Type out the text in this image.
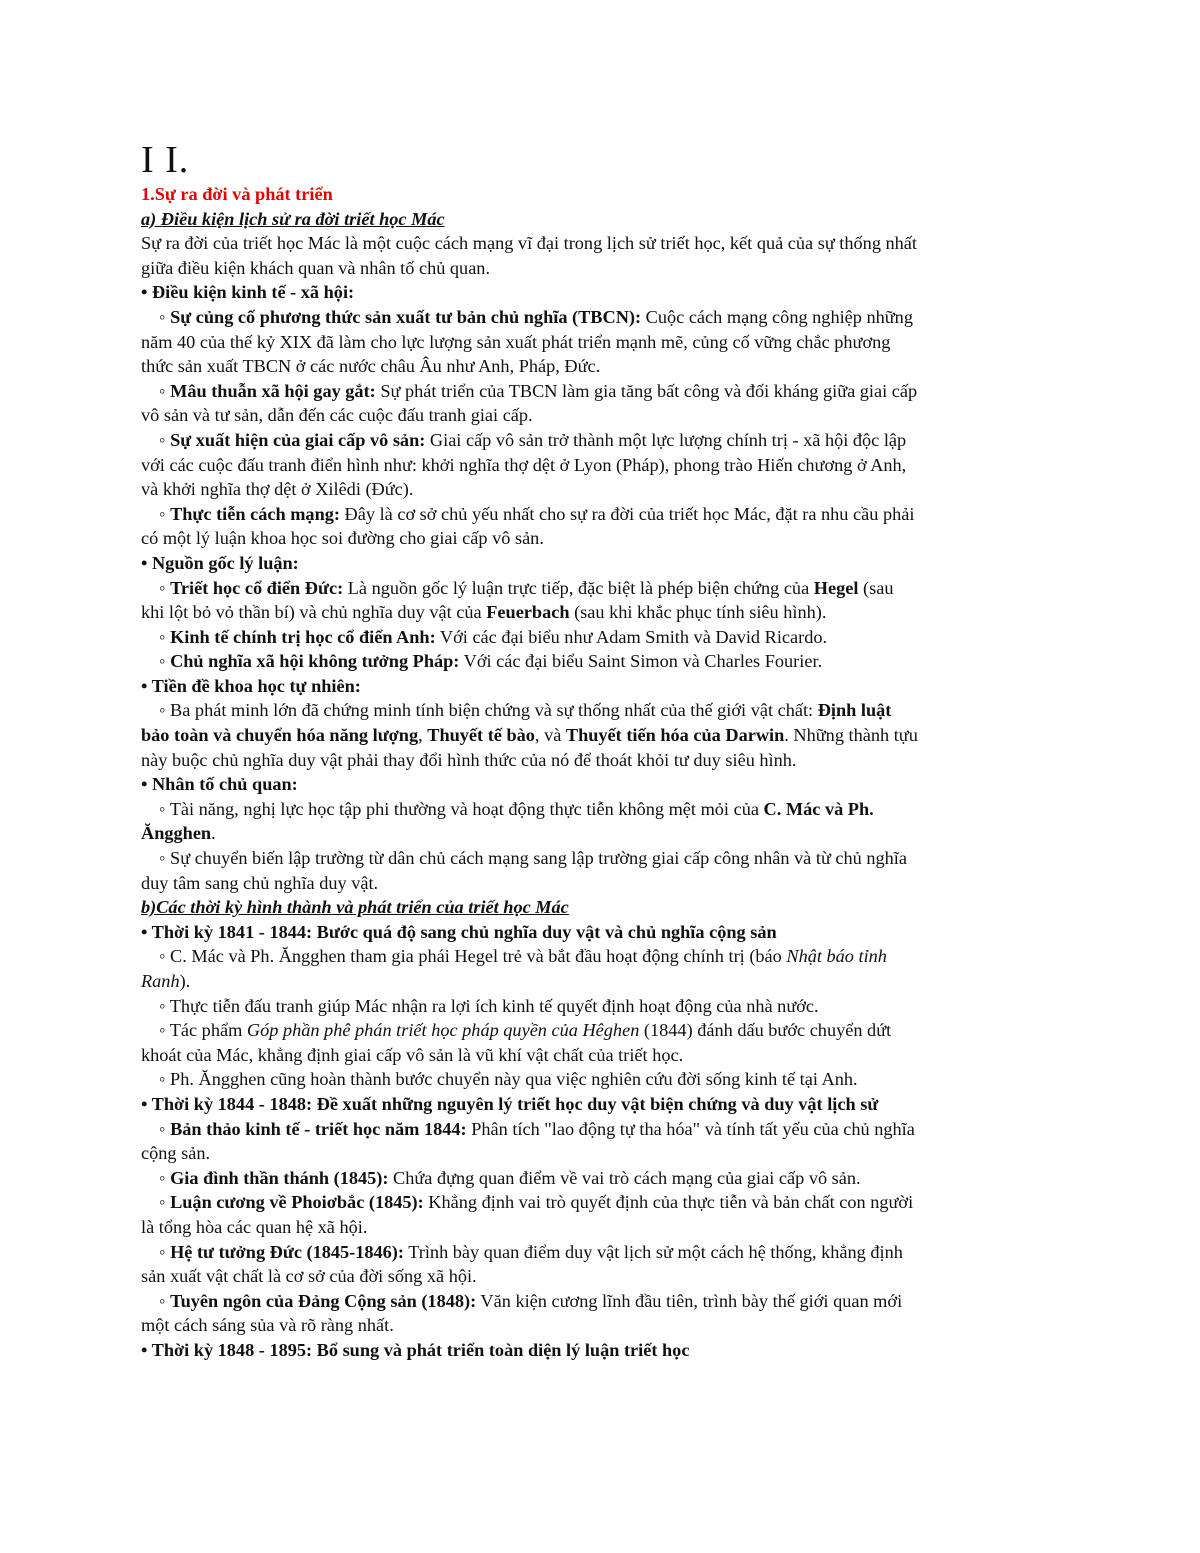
I I.
1.Sự ra đời và phát triển
a) Điều kiện lịch sử ra đời triết học Mác
Sự ra đời của triết học Mác là một cuộc cách mạng vĩ đại trong lịch sử triết học, kết quả của sự thống nhất
giữa điều kiện khách quan và nhân tố chủ quan.
• Điều kiện kinh tế - xã hội:
◦ Sự củng cố phương thức sản xuất tư bản chủ nghĩa (TBCN): Cuộc cách mạng công nghiệp những
năm 40 của thế kỷ XIX đã làm cho lực lượng sản xuất phát triển mạnh mẽ, củng cố vững chắc phương
thức sản xuất TBCN ở các nước châu Âu như Anh, Pháp, Đức.
◦ Mâu thuẫn xã hội gay gắt: Sự phát triển của TBCN làm gia tăng bất công và đối kháng giữa giai cấp
vô sản và tư sản, dẫn đến các cuộc đấu tranh giai cấp.
◦ Sự xuất hiện của giai cấp vô sản: Giai cấp vô sản trở thành một lực lượng chính trị - xã hội độc lập
với các cuộc đấu tranh điển hình như: khởi nghĩa thợ dệt ở Lyon (Pháp), phong trào Hiến chương ở Anh,
và khởi nghĩa thợ dệt ở Xilêdi (Đức).
◦ Thực tiễn cách mạng: Đây là cơ sở chủ yếu nhất cho sự ra đời của triết học Mác, đặt ra nhu cầu phải
có một lý luận khoa học soi đường cho giai cấp vô sản.
• Nguồn gốc lý luận:
◦ Triết học cổ điển Đức: Là nguồn gốc lý luận trực tiếp, đặc biệt là phép biện chứng của Hegel (sau
khi lột bỏ vỏ thần bí) và chủ nghĩa duy vật của Feuerbach (sau khi khắc phục tính siêu hình).
◦ Kinh tế chính trị học cổ điển Anh: Với các đại biểu như Adam Smith và David Ricardo.
◦ Chủ nghĩa xã hội không tưởng Pháp: Với các đại biểu Saint Simon và Charles Fourier.
• Tiền đề khoa học tự nhiên:
◦ Ba phát minh lớn đã chứng minh tính biện chứng và sự thống nhất của thế giới vật chất: Định luật
bảo toàn và chuyển hóa năng lượng, Thuyết tế bào, và Thuyết tiến hóa của Darwin. Những thành tựu
này buộc chủ nghĩa duy vật phải thay đổi hình thức của nó để thoát khỏi tư duy siêu hình.
• Nhân tố chủ quan:
◦ Tài năng, nghị lực học tập phi thường và hoạt động thực tiễn không mệt mỏi của C. Mác và Ph.
Ăngghen.
◦ Sự chuyển biến lập trường từ dân chủ cách mạng sang lập trường giai cấp công nhân và từ chủ nghĩa
duy tâm sang chủ nghĩa duy vật.
b)Các thời kỳ hình thành và phát triển của triết học Mác
• Thời kỳ 1841 - 1844: Bước quá độ sang chủ nghĩa duy vật và chủ nghĩa cộng sản
◦ C. Mác và Ph. Ăngghen tham gia phái Hegel trẻ và bắt đầu hoạt động chính trị (báo Nhật báo tỉnh
Ranh).
◦ Thực tiễn đấu tranh giúp Mác nhận ra lợi ích kinh tế quyết định hoạt động của nhà nước.
◦ Tác phẩm Góp phần phê phán triết học pháp quyền của Hêghen (1844) đánh dấu bước chuyển dứt
khoát của Mác, khẳng định giai cấp vô sản là vũ khí vật chất của triết học.
◦ Ph. Ăngghen cũng hoàn thành bước chuyển này qua việc nghiên cứu đời sống kinh tế tại Anh.
• Thời kỳ 1844 - 1848: Đề xuất những nguyên lý triết học duy vật biện chứng và duy vật lịch sử
◦ Bản thảo kinh tế - triết học năm 1844: Phân tích "lao động tự tha hóa" và tính tất yếu của chủ nghĩa
cộng sản.
◦ Gia đình thần thánh (1845): Chứa đựng quan điểm về vai trò cách mạng của giai cấp vô sản.
◦ Luận cương về Phoiơbắc (1845): Khẳng định vai trò quyết định của thực tiễn và bản chất con người
là tổng hòa các quan hệ xã hội.
◦ Hệ tư tưởng Đức (1845-1846): Trình bày quan điểm duy vật lịch sử một cách hệ thống, khẳng định
sản xuất vật chất là cơ sở của đời sống xã hội.
◦ Tuyên ngôn của Đảng Cộng sản (1848): Văn kiện cương lĩnh đầu tiên, trình bày thế giới quan mới
một cách sáng sủa và rõ ràng nhất.
• Thời kỳ 1848 - 1895: Bổ sung và phát triển toàn diện lý luận triết học
